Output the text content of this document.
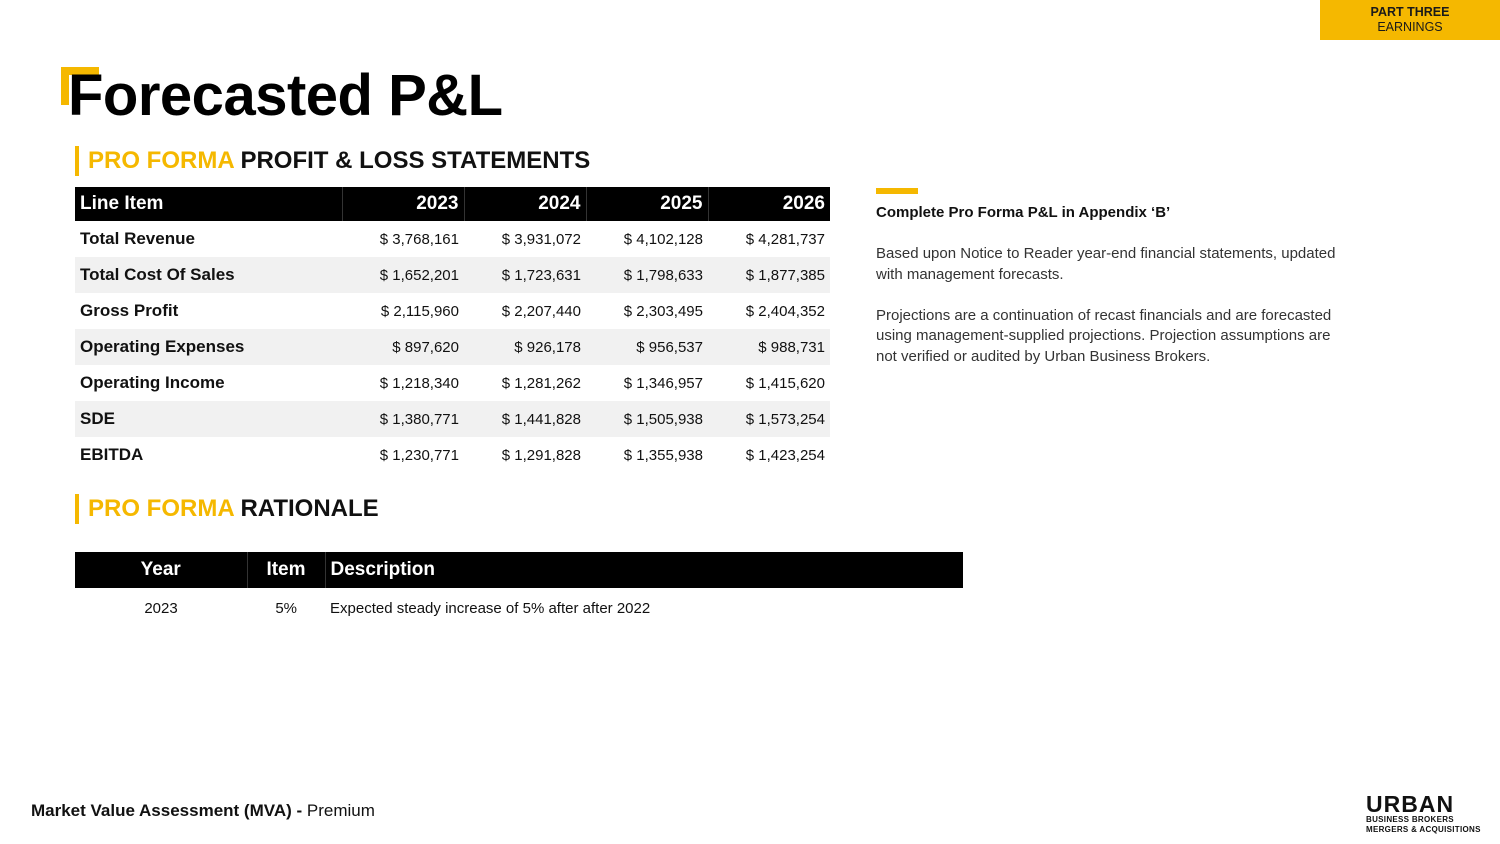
PART THREE
EARNINGS
Forecasted P&L
PRO FORMA PROFIT & LOSS STATEMENTS
Line Item	2023	2024	2025	2026
Total Revenue	$ 3,768,161	$ 3,931,072	$ 4,102,128	$ 4,281,737
Total Cost Of Sales	$ 1,652,201	$ 1,723,631	$ 1,798,633	$ 1,877,385
Gross Profit	$ 2,115,960	$ 2,207,440	$ 2,303,495	$ 2,404,352
Operating Expenses	$ 897,620	$ 926,178	$ 956,537	$ 988,731
Operating Income	$ 1,218,340	$ 1,281,262	$ 1,346,957	$ 1,415,620
SDE	$ 1,380,771	$ 1,441,828	$ 1,505,938	$ 1,573,254
EBITDA	$ 1,230,771	$ 1,291,828	$ 1,355,938	$ 1,423,254

Complete Pro Forma P&L in Appendix ‘B’

Based upon Notice to Reader year-end financial statements, updated with management forecasts.

Projections are a continuation of recast financials and are forecasted using management-supplied projections. Projection assumptions are not verified or audited by Urban Business Brokers.

PRO FORMA RATIONALE
Year	Item	Description
2023	5%	Expected steady increase of 5% after after 2022
Market Value Assessment (MVA) - Premium	URBAN
BUSINESS BROKERS
MERGERS & ACQUISITIONS
